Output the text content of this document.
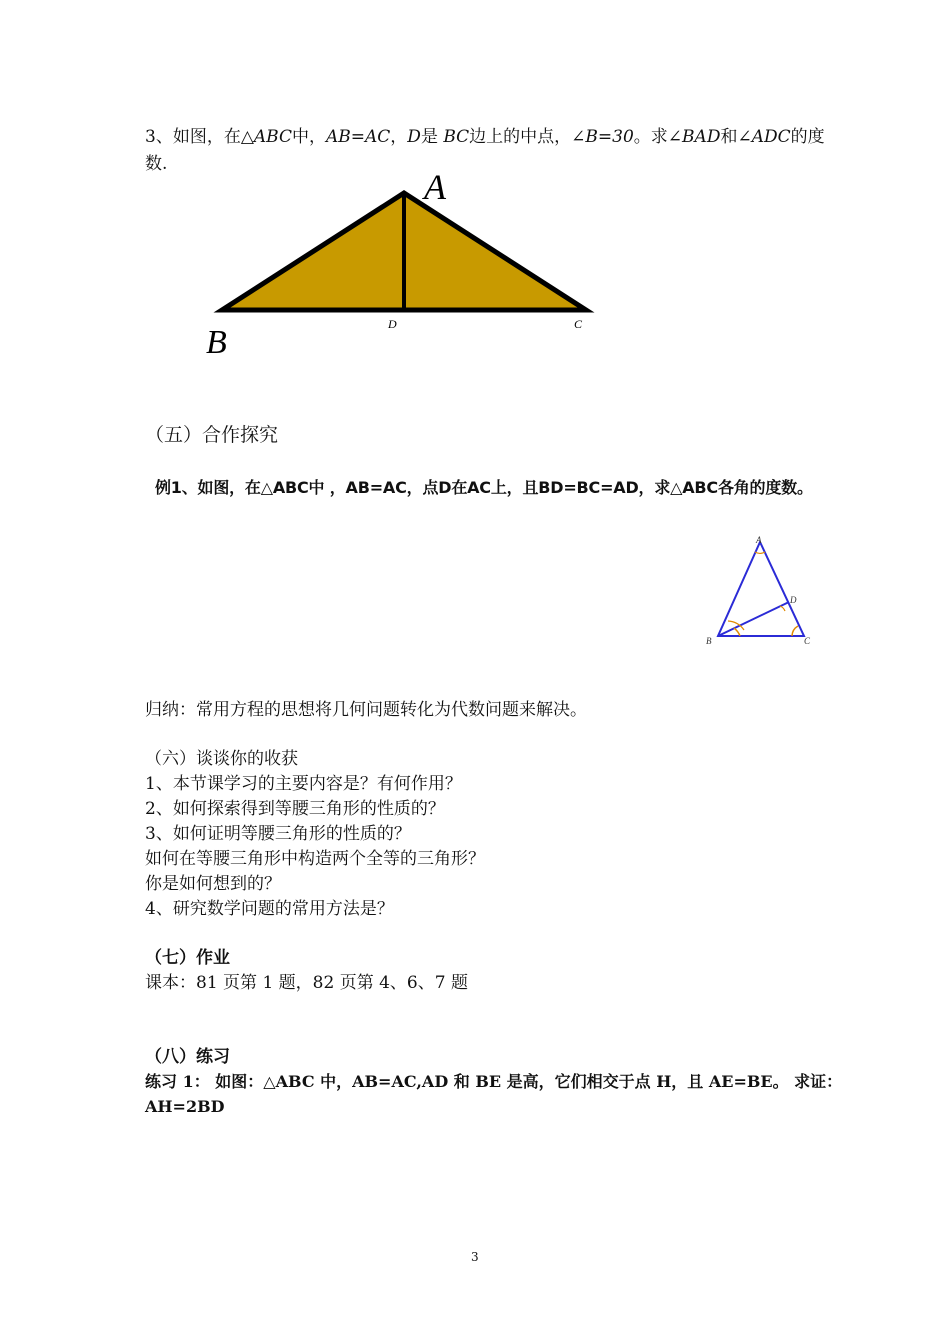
3、如图，在△ABC中，AB=AC，D是 BC边上的中点，∠B=30。求∠BAD和∠ADC的度
数.
A
B	D	C
（五）合作探究
例1、如图，在△ABC中 ，AB=AC，点D在AC上，且BD=BC=AD，求△ABC各角的度数。
A
D
B	C
归纳：常用方程的思想将几何问题转化为代数问题来解决。
（六）谈谈你的收获
1、本节课学习的主要内容是？有何作用？
2、如何探索得到等腰三角形的性质的？
3、如何证明等腰三角形的性质的？
如何在等腰三角形中构造两个全等的三角形？
你是如何想到的？
4、研究数学问题的常用方法是？
（七）作业
课本：81 页第 1 题，82 页第 4、6、7 题
（八）练习
练习 1： 如图：△ABC 中，AB=AC,AD 和 BE 是高，它们相交于点 H，且 AE=BE。 求证：
AH=2BD
3
